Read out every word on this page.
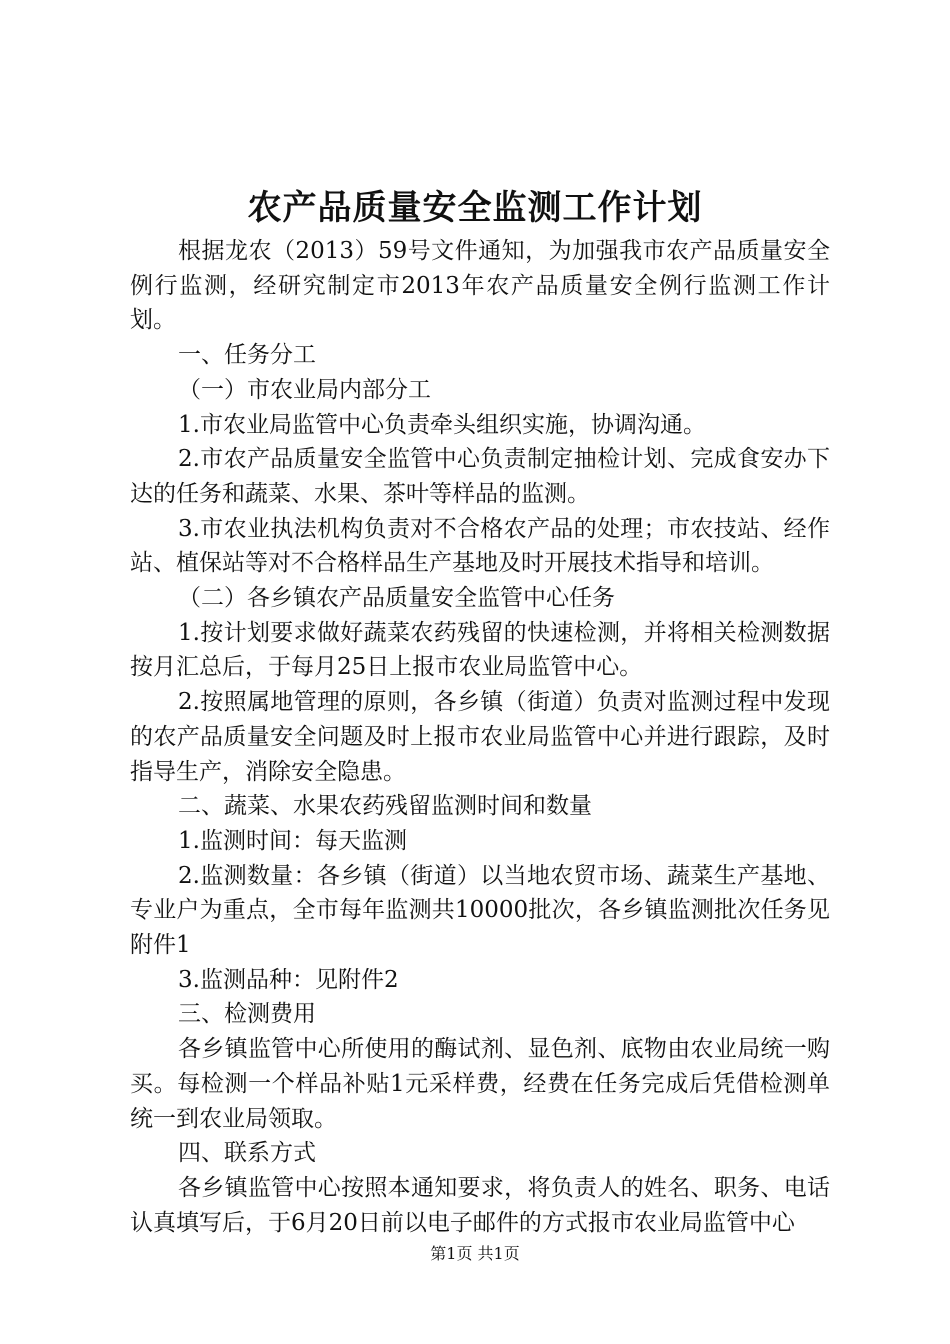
农产品质量安全监测工作计划

根据龙农（2013）59号文件通知，为加强我市农产品质量安全例行监测，经研究制定市2013年农产品质量安全例行监测工作计划。

一、任务分工

（一）市农业局内部分工

1.市农业局监管中心负责牵头组织实施，协调沟通。

2.市农产品质量安全监管中心负责制定抽检计划、完成食安办下达的任务和蔬菜、水果、茶叶等样品的监测。

3.市农业执法机构负责对不合格农产品的处理；市农技站、经作站、植保站等对不合格样品生产基地及时开展技术指导和培训。

（二）各乡镇农产品质量安全监管中心任务

1.按计划要求做好蔬菜农药残留的快速检测，并将相关检测数据按月汇总后，于每月25日上报市农业局监管中心。

2.按照属地管理的原则，各乡镇（街道）负责对监测过程中发现的农产品质量安全问题及时上报市农业局监管中心并进行跟踪，及时指导生产，消除安全隐患。

二、蔬菜、水果农药残留监测时间和数量

1.监测时间：每天监测

2.监测数量：各乡镇（街道）以当地农贸市场、蔬菜生产基地、专业户为重点，全市每年监测共10000批次，各乡镇监测批次任务见附件1

3.监测品种：见附件2

三、检测费用

各乡镇监管中心所使用的酶试剂、显色剂、底物由农业局统一购买。每检测一个样品补贴1元采样费，经费在任务完成后凭借检测单统一到农业局领取。

四、联系方式

各乡镇监管中心按照本通知要求，将负责人的姓名、职务、电话认真填写后，于6月20日前以电子邮件的方式报市农业局监管中心

第1页 共1页
